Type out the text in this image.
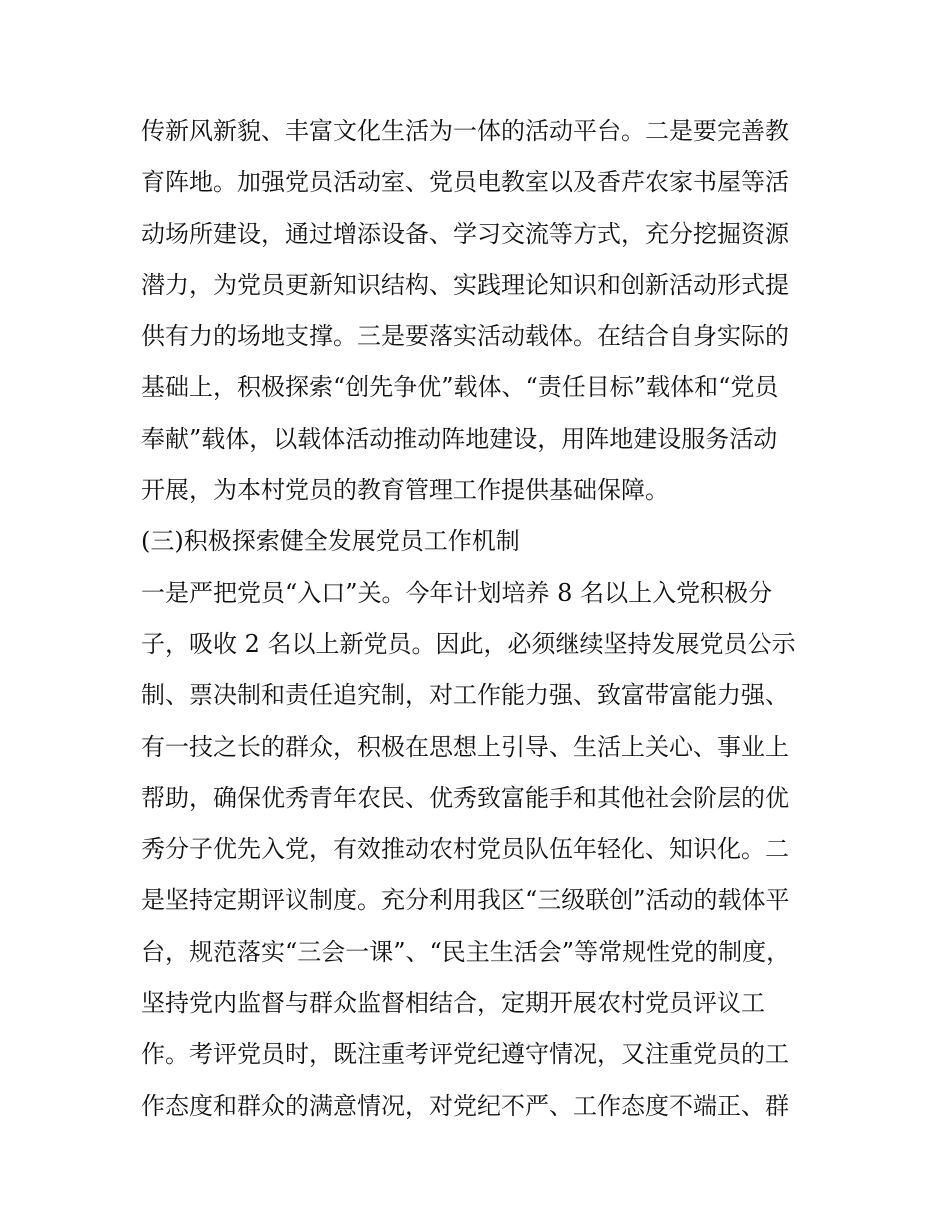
传新风新貌、丰富文化生活为一体的活动平台。二是要完善教
育阵地。加强党员活动室、党员电教室以及香芹农家书屋等活
动场所建设，通过增添设备、学习交流等方式，充分挖掘资源
潜力，为党员更新知识结构、实践理论知识和创新活动形式提
供有力的场地支撑。三是要落实活动载体。在结合自身实际的
基础上，积极探索“创先争优”载体、“责任目标”载体和“党员
奉献”载体，以载体活动推动阵地建设，用阵地建设服务活动
开展，为本村党员的教育管理工作提供基础保障。
(三)积极探索健全发展党员工作机制
一是严把党员“入口”关。今年计划培养 8 名以上入党积极分
子，吸收 2 名以上新党员。因此，必须继续坚持发展党员公示
制、票决制和责任追究制，对工作能力强、致富带富能力强、
有一技之长的群众，积极在思想上引导、生活上关心、事业上
帮助，确保优秀青年农民、优秀致富能手和其他社会阶层的优
秀分子优先入党，有效推动农村党员队伍年轻化、知识化。二
是坚持定期评议制度。充分利用我区“三级联创”活动的载体平
台，规范落实“三会一课”、“民主生活会”等常规性党的制度，
坚持党内监督与群众监督相结合，定期开展农村党员评议工
作。考评党员时，既注重考评党纪遵守情况，又注重党员的工
作态度和群众的满意情况，对党纪不严、工作态度不端正、群
